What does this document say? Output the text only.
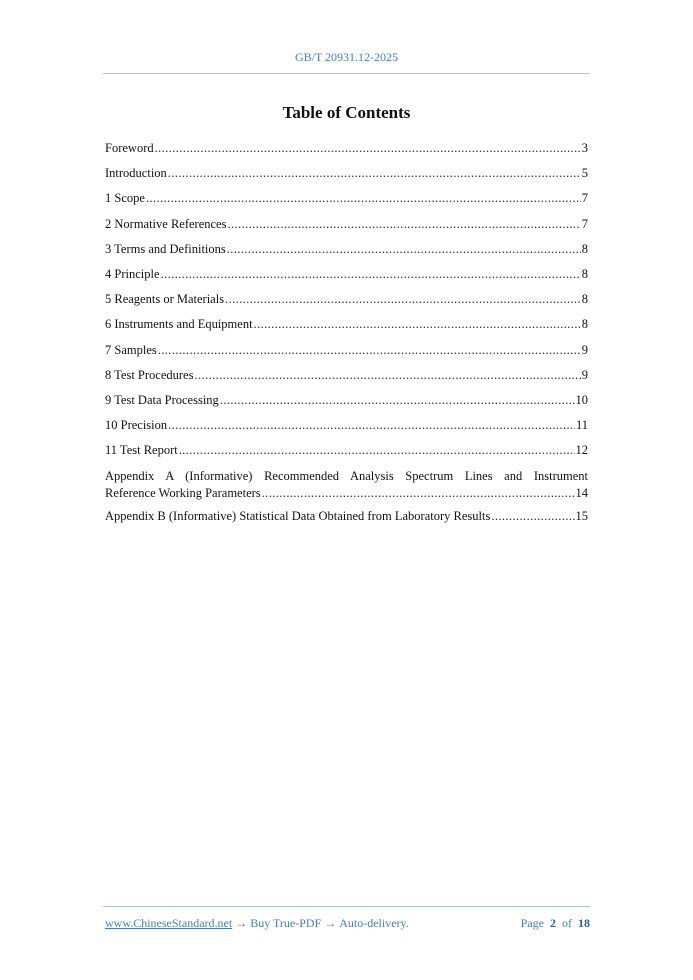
GB/T 20931.12-2025
Table of Contents
Foreword .....	3
Introduction .....	5
1 Scope .....	7
2 Normative References .....	7
3 Terms and Definitions .....	8
4 Principle .....	8
5 Reagents or Materials .....	8
6 Instruments and Equipment .....	8
7 Samples .....	9
8 Test Procedures .....	9
9 Test Data Processing .....	10
10 Precision .....	11
11 Test Report .....	12
Appendix A (Informative) Recommended Analysis Spectrum Lines and Instrument
Reference Working Parameters .....	14
Appendix B (Informative) Statistical Data Obtained from Laboratory Results .....	15
www.ChineseStandard.net → Buy True-PDF → Auto-delivery.	Page 2 of 18
